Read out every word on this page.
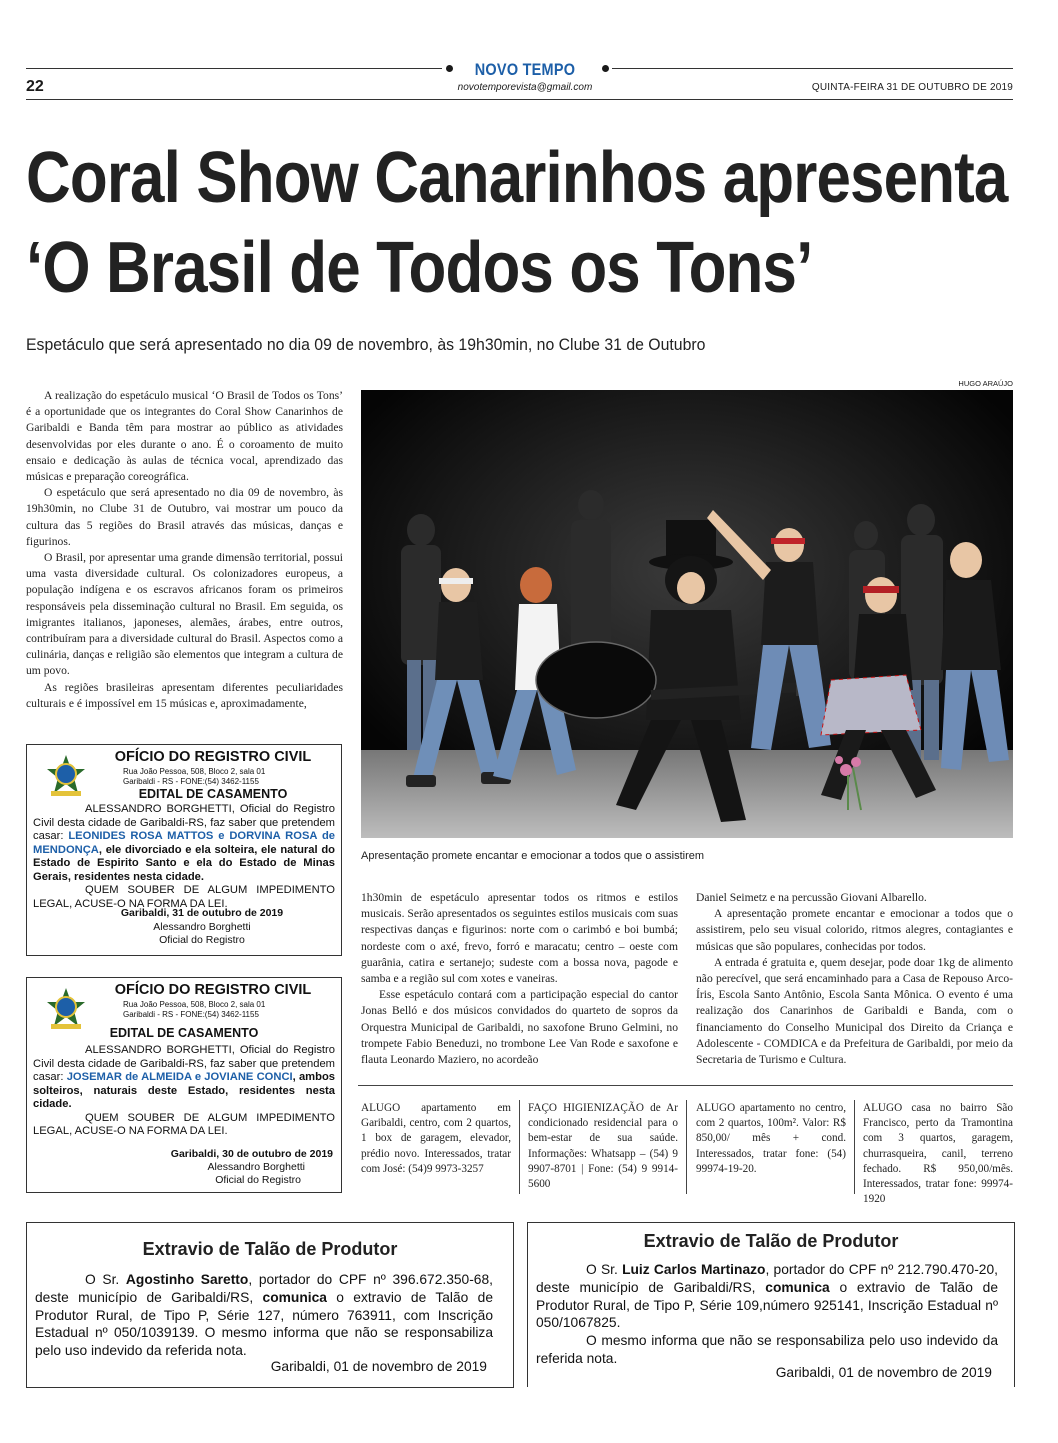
NOVO TEMPO
22	novotemporevista@gmail.com	QUINTA-FEIRA 31 DE OUTUBRO DE 2019
Coral Show Canarinhos apresenta
‘O Brasil de Todos os Tons’
Espetáculo que será apresentado no dia 09 de novembro, às 19h30min, no Clube 31 de Outubro

A realização do espetáculo musical ‘O Brasil de Todos os Tons’ é a oportunidade que os integrantes do Coral Show Canarinhos de Garibaldi e Banda têm para mostrar ao público as atividades desenvolvidas por eles durante o ano. É o coroamento de muito ensaio e dedicação às aulas de técnica vocal, aprendizado das músicas e preparação coreográfica.

O espetáculo que será apresentado no dia 09 de novembro, às 19h30min, no Clube 31 de Outubro, vai mostrar um pouco da cultura das 5 regiões do Brasil através das músicas, danças e figurinos.

O Brasil, por apresentar uma grande dimensão territorial, possui uma vasta diversidade cultural. Os colonizadores europeus, a população indígena e os escravos africanos foram os primeiros responsáveis pela disseminação cultural no Brasil. Em seguida, os imigrantes italianos, japoneses, alemães, árabes, entre outros, contribuíram para a diversidade cultural do Brasil. Aspectos como a culinária, danças e religião são elementos que integram a cultura de um povo.

As regiões brasileiras apresentam diferentes peculiaridades culturais e é impossível em 15 músicas e, aproximadamente,

HUGO ARAÚJO
Apresentação promete encantar e emocionar a todos que o assistirem

1h30min de espetáculo apresentar todos os ritmos e estilos musicais. Serão apresentados os seguintes estilos musicais com suas respectivas danças e figurinos: norte com o carimbó e boi bumbá; nordeste com o axé, frevo, forró e maracatu; centro – oeste com guarânia, catira e sertanejo; sudeste com a bossa nova, pagode e samba e a região sul com xotes e vaneiras.

Esse espetáculo contará com a participação especial do cantor Jonas Belló e dos músicos convidados do quarteto de sopros da Orquestra Municipal de Garibaldi, no saxofone Bruno Gelmini, no trompete Fabio Beneduzi, no trombone Lee Van Rode e saxofone e flauta Leonardo Maziero, no acordeão

Daniel Seimetz e na percussão Giovani Albarello.

A apresentação promete encantar e emocionar a todos que o assistirem, pelo seu visual colorido, ritmos alegres, contagiantes e músicas que são populares, conhecidas por todos.

A entrada é gratuita e, quem desejar, pode doar 1kg de alimento não perecível, que será encaminhado para a Casa de Repouso Arco-Íris, Escola Santo Antônio, Escola Santa Mônica. O evento é uma realização dos Canarinhos de Garibaldi e Banda, com o financiamento do Conselho Municipal dos Direito da Criança e Adolescente - COMDICA e da Prefeitura de Garibaldi, por meio da Secretaria de Turismo e Cultura.

OFÍCIO DO REGISTRO CIVIL
Rua João Pessoa, 508, Bloco 2, sala 01
Garibaldi - RS - FONE:(54) 3462-1155
EDITAL DE CASAMENTO
ALESSANDRO BORGHETTI, Oficial do Registro Civil desta cidade de Garibaldi-RS, faz saber que pretendem casar: LEONIDES ROSA MATTOS e DORVINA ROSA de MENDONÇA, ele divorciado e ela solteira, ele natural do Estado de Espirito Santo e ela do Estado de Minas Gerais, residentes nesta cidade.
QUEM SOUBER DE ALGUM IMPEDIMENTO LEGAL, ACUSE-O NA FORMA DA LEI.
Garibaldi, 31 de outubro de 2019
Alessandro Borghetti
Oficial do Registro
OFÍCIO DO REGISTRO CIVIL
Rua João Pessoa, 508, Bloco 2, sala 01
Garibaldi - RS - FONE:(54) 3462-1155
EDITAL DE CASAMENTO
ALESSANDRO BORGHETTI, Oficial do Registro Civil desta cidade de Garibaldi-RS, faz saber que pretendem casar: JOSEMAR de ALMEIDA e JOVIANE CONCI, ambos solteiros, naturais deste Estado, residentes nesta cidade.
QUEM SOUBER DE ALGUM IMPEDIMENTO LEGAL, ACUSE-O NA FORMA DA LEI.
Garibaldi, 30 de outubro de 2019
Alessandro Borghetti
Oficial do Registro
ALUGO apartamento em Garibaldi, centro, com 2 quartos, 1 box de garagem, elevador, prédio novo. Interessados, tratar com José: (54)9 9973-3257
FAÇO HIGIENIZAÇÃO de Ar condicionado residencial para o bem-estar de sua saúde. Informações: Whatsapp – (54) 9 9907-8701 | Fone: (54) 9 9914-5600
ALUGO apartamento no centro, com 2 quartos, 100m². Valor: R$ 850,00/ mês + cond. Interessados, tratar fone: (54) 99974-19-20.
ALUGO casa no bairro São Francisco, perto da Tramontina com 3 quartos, garagem, churrasqueira, canil, terreno fechado. R$ 950,00/mês. Interessados, tratar fone: 99974-1920
Extravio de Talão de Produtor
O Sr. Agostinho Saretto, portador do CPF nº 396.672.350-68, deste município de Garibaldi/RS, comunica o extravio de Talão de Produtor Rural, de Tipo P, Série 127, número 763911, com Inscrição Estadual nº 050/1039139. O mesmo informa que não se responsabiliza pelo uso indevido da referida nota.
Garibaldi, 01 de novembro de 2019
Extravio de Talão de Produtor
O Sr. Luiz Carlos Martinazo, portador do CPF nº 212.790.470-20, deste município de Garibaldi/RS, comunica o extravio de Talão de Produtor Rural, de Tipo P, Série 109,número 925141, Inscrição Estadual nº 050/1067825.
O mesmo informa que não se responsabiliza pelo uso indevido da referida nota.
Garibaldi, 01 de novembro de 2019
